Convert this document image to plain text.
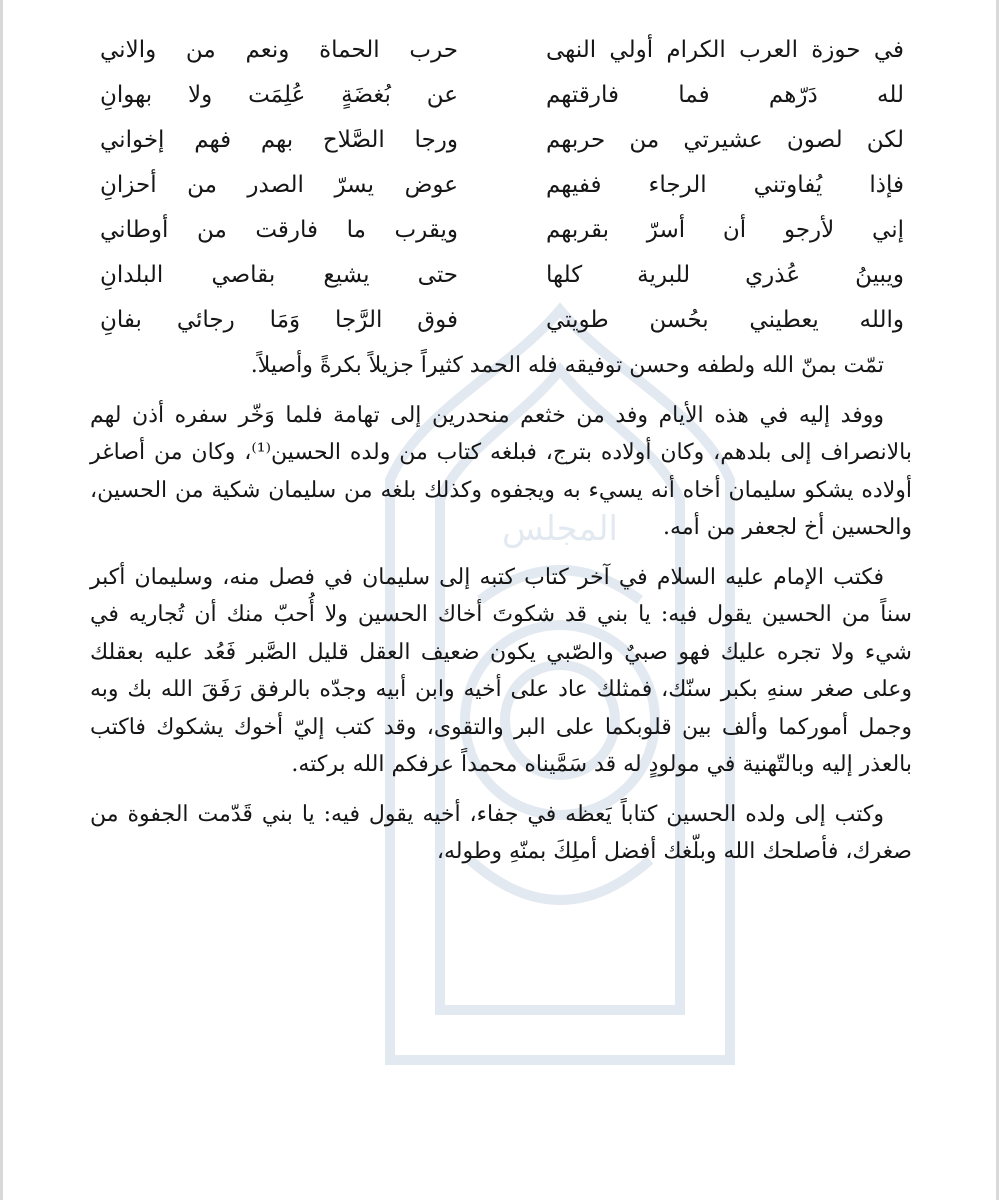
المجلس
في حوزة العرب الكرام أولي النهى
لله دَرّهم فما فارقتهم
لكن لصون عشيرتي من حربهم
فإذا يُفاوتني الرجاء ففيهم
إني لأرجو أن أسرّ بقربهم
ويبينُ عُذري للبرية كلها
والله يعطيني بحُسن طويتي
حرب الحماة ونعم من والاني
عن بُغضَةٍ عُلِمَت ولا بهوانِ
ورجا الصَّلاح بهم فهم إخواني
عوض يسرّ الصدر من أحزانِ
ويقرب ما فارقت من أوطاني
حتى يشيع بقاصي البلدانِ
فوق الرَّجا وَمَا رجائي بفانِ

تمّت بمنّ الله ولطفه وحسن توفيقه فله الحمد كثيراً جزيلاً بكرةً وأصيلاً.

ووفد إليه في هذه الأيام وفد من خثعم منحدرين إلى تهامة فلما وَخّر سفره أذن لهم بالانصراف إلى بلدهم، وكان أولاده بترج، فبلغه كتاب من ولده الحسين⁽¹⁾، وكان من أصاغر أولاده يشكو سليمان أخاه أنه يسيء به ويجفوه وكذلك بلغه من سليمان شكية من الحسين، والحسين أخ لجعفر من أمه.

فكتب الإمام عليه السلام في آخر كتاب كتبه إلى سليمان في فصل منه، وسليمان أكبر سناً من الحسين يقول فيه: يا بني قد شكوتَ أخاك الحسين ولا أُحبّ منك أن تُجاريه في شيء ولا تجره عليك فهو صبيٌ والصّبي يكون ضعيف العقل قليل الصَّبر فَعُد عليه بعقلك وعلى صغر سنهِ بكبر سنّك، فمثلك عاد على أخيه وابن أبيه وجدّه بالرفق رَفَقَ الله بك وبه وجمل أموركما وألف بين قلوبكما على البر والتقوى، وقد كتب إليّ أخوك يشكوك فاكتب بالعذر إليه وبالتّهنية في مولودٍ له قد سَمَّيناه محمداً عرفكم الله بركته.

وكتب إلى ولده الحسين كتاباً يَعظه في جفاء، أخيه يقول فيه: يا بني قَدّمت الجفوة من صغرك، فأصلحك الله وبلّغك أفضل أملِكَ بمنّهِ وطوله،
